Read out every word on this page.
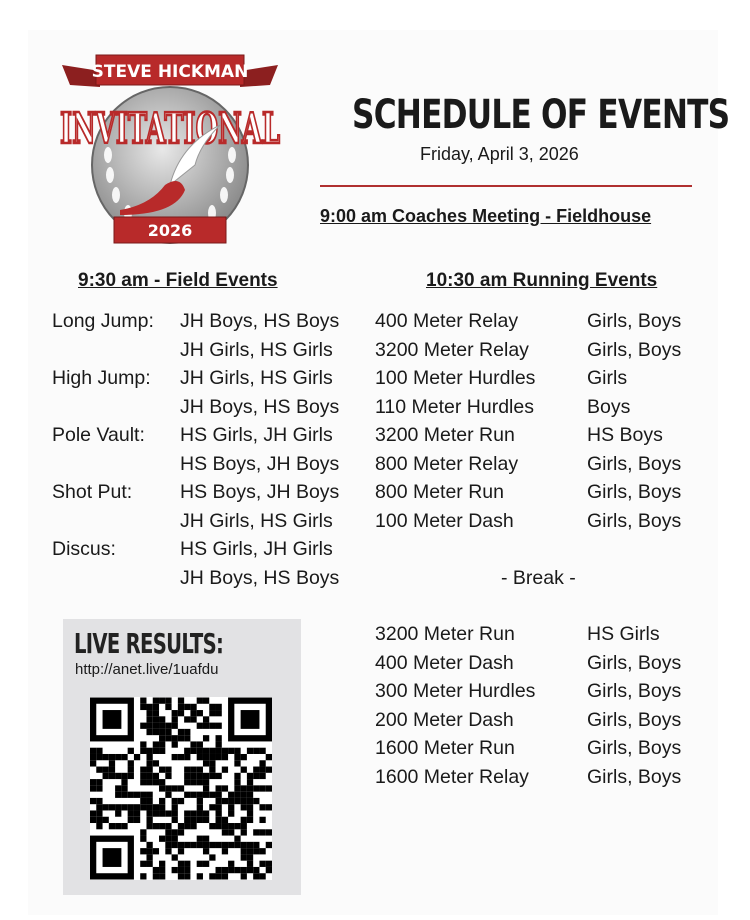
STEVE HICKMAN
INVITATIONAL
2026
SCHEDULE OF EVENTS
Friday, April 3, 2026
9:00 am Coaches Meeting - Fieldhouse
9:30 am - Field Events	10:30 am Running Events
Long Jump: JH Boys, HS Boys
JH Girls, HS Girls
High Jump: JH Girls, HS Girls
JH Boys, HS Boys
Pole Vault: HS Girls, JH Girls
HS Boys, JH Boys
Shot Put: HS Boys, JH Boys
JH Girls, HS Girls
Discus:	HS Girls, JH Girls
JH Boys, HS Boys
400 Meter Relay	Girls, Boys
3200 Meter Relay	Girls, Boys
100 Meter Hurdles	Girls
110 Meter Hurdles	Boys
3200 Meter Run	HS Boys
800 Meter Relay	Girls, Boys
800 Meter Run	Girls, Boys
100 Meter Dash	Girls, Boys
- Break -
3200 Meter Run	HS Girls
400 Meter Dash	Girls, Boys
300 Meter Hurdles	Girls, Boys
200 Meter Dash	Girls, Boys
1600 Meter Run	Girls, Boys
1600 Meter Relay	Girls, Boys
LIVE RESULTS:
http://anet.live/1uafdu
